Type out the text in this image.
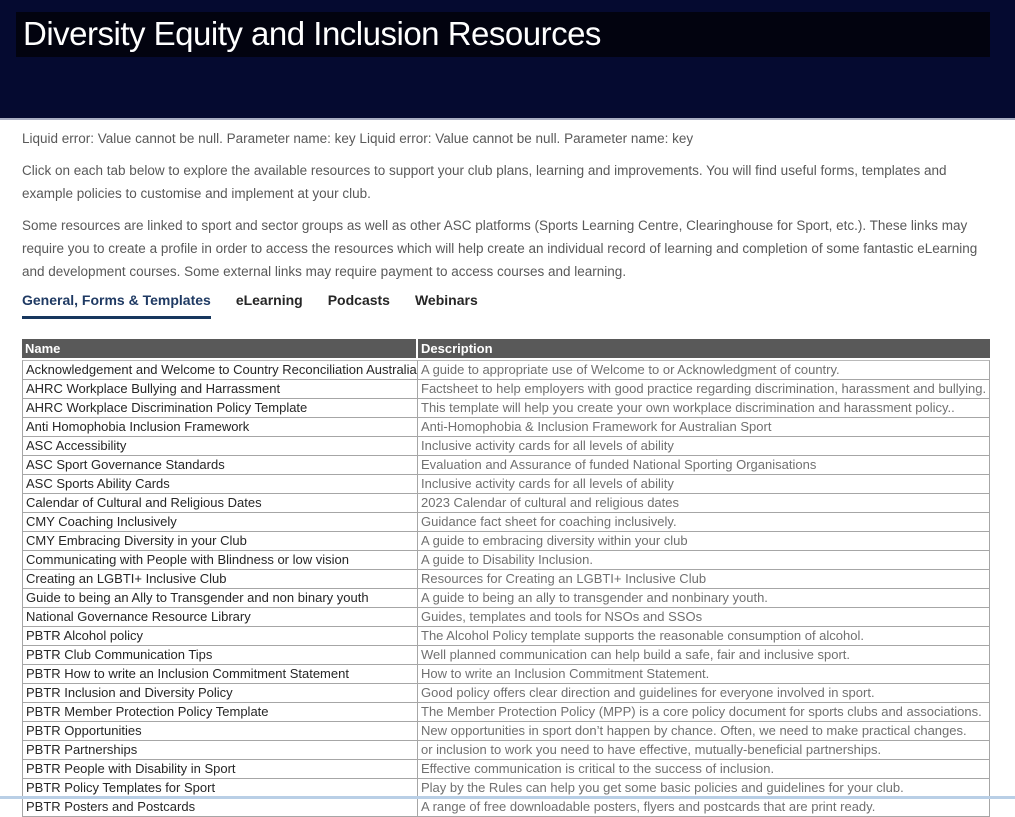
Diversity Equity and Inclusion Resources

Liquid error: Value cannot be null. Parameter name: key Liquid error: Value cannot be null. Parameter name: key

Click on each tab below to explore the available resources to support your club plans, learning and improvements. You will find useful forms, templates and example policies to customise and implement at your club.

Some resources are linked to sport and sector groups as well as other ASC platforms (Sports Learning Centre, Clearinghouse for Sport, etc.). These links may require you to create a profile in order to access the resources which will help create an individual record of learning and completion of some fantastic eLearning and development courses. Some external links may require payment to access courses and learning.

General, Forms & Templates eLearning Podcasts Webinars
Name	Description
Acknowledgement and Welcome to Country Reconciliation Australia	A guide to appropriate use of Welcome to or Acknowledgment of country.
AHRC Workplace Bullying and Harrassment	Factsheet to help employers with good practice regarding discrimination, harassment and bullying.
AHRC Workplace Discrimination Policy Template	This template will help you create your own workplace discrimination and harassment policy..
Anti Homophobia Inclusion Framework	Anti-Homophobia & Inclusion Framework for Australian Sport
ASC Accessibility	Inclusive activity cards for all levels of ability
ASC Sport Governance Standards	Evaluation and Assurance of funded National Sporting Organisations
ASC Sports Ability Cards	Inclusive activity cards for all levels of ability
Calendar of Cultural and Religious Dates	2023 Calendar of cultural and religious dates
CMY Coaching Inclusively	Guidance fact sheet for coaching inclusively.
CMY Embracing Diversity in your Club	A guide to embracing diversity within your club
Communicating with People with Blindness or low vision	A guide to Disability Inclusion.
Creating an LGBTI+ Inclusive Club	Resources for Creating an LGBTI+ Inclusive Club
Guide to being an Ally to Transgender and non binary youth	A guide to being an ally to transgender and nonbinary youth.
National Governance Resource Library	Guides, templates and tools for NSOs and SSOs
PBTR Alcohol policy	The Alcohol Policy template supports the reasonable consumption of alcohol.
PBTR Club Communication Tips	Well planned communication can help build a safe, fair and inclusive sport.
PBTR How to write an Inclusion Commitment Statement	How to write an Inclusion Commitment Statement.
PBTR Inclusion and Diversity Policy	Good policy offers clear direction and guidelines for everyone involved in sport.
PBTR Member Protection Policy Template	The Member Protection Policy (MPP) is a core policy document for sports clubs and associations.
PBTR Opportunities	New opportunities in sport don’t happen by chance. Often, we need to make practical changes.
PBTR Partnerships	or inclusion to work you need to have effective, mutually-beneficial partnerships.
PBTR People with Disability in Sport	Effective communication is critical to the success of inclusion.
PBTR Policy Templates for Sport	Play by the Rules can help you get some basic policies and guidelines for your club.
PBTR Posters and Postcards	A range of free downloadable posters, flyers and postcards that are print ready.
